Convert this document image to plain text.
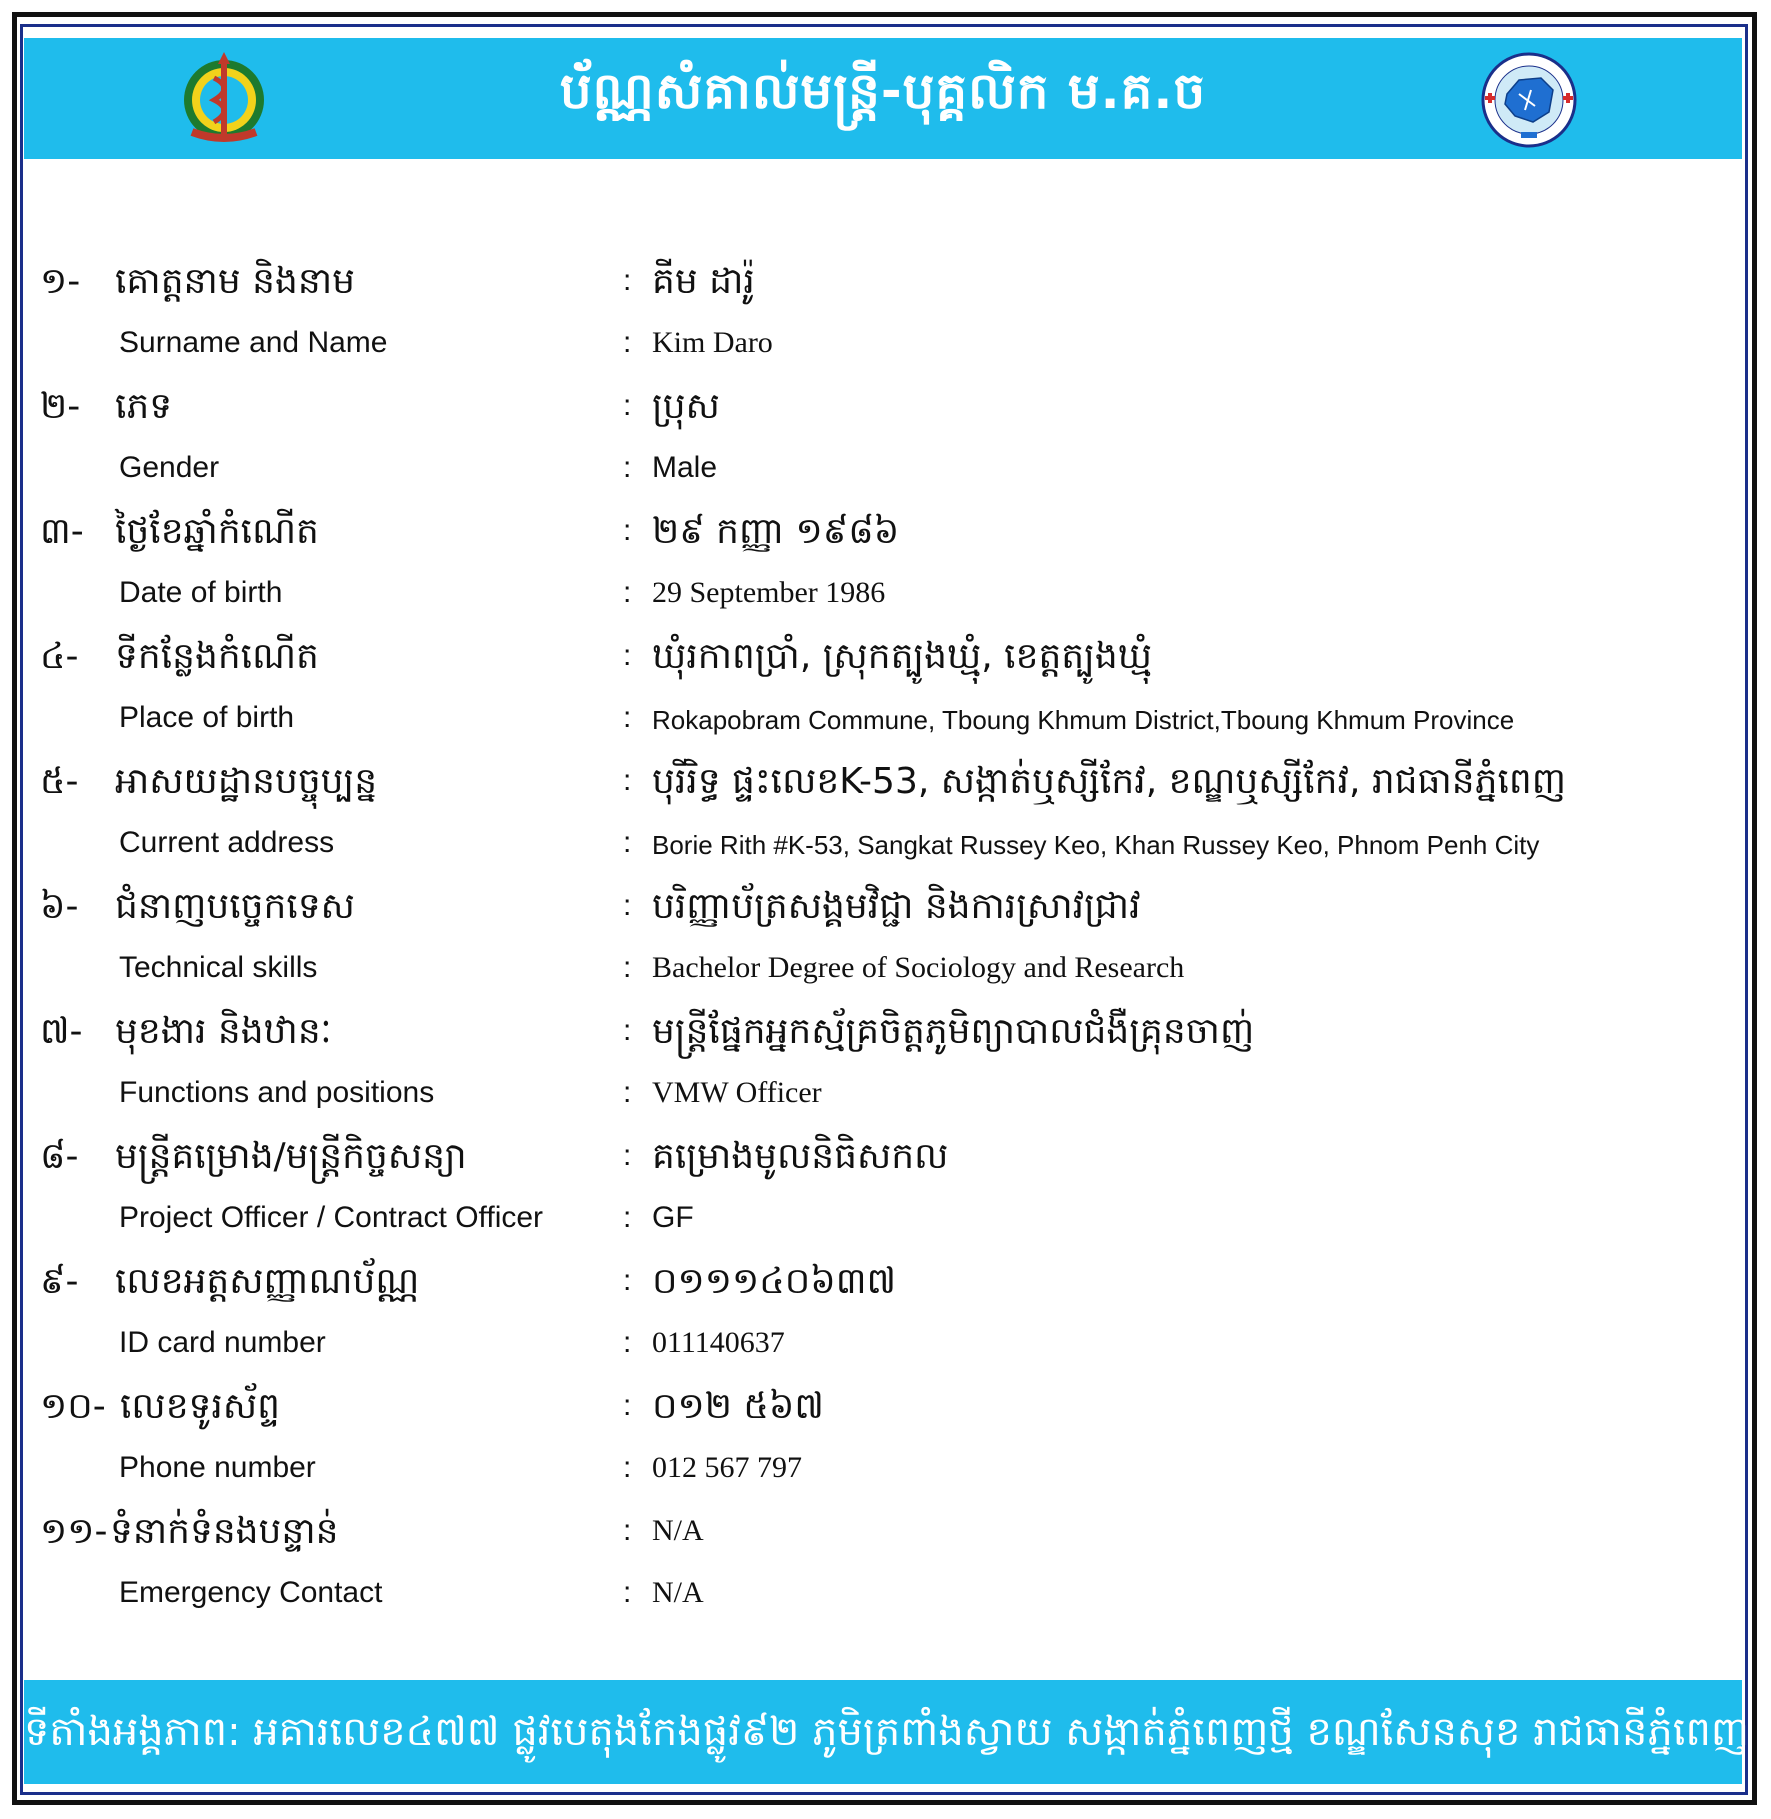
ប័ណ្ណសំគាល់មន្ត្រី-បុគ្គលិក ម.គ.ច
១- គោត្តនាម និងនាម	: គីម ដារ៉ូ
Surname and Name	: Kim Daro
២- ភេទ	: ប្រុស
Gender	: Male
៣- ថ្ងៃខែឆ្នាំកំណើត	: ២៩ កញ្ញា ១៩៨៦
Date of birth	: 29 September 1986
៤- ទីកន្លែងកំណើត	: ឃុំរកាពប្រាំ, ស្រុកត្បូងឃ្មុំ, ខេត្តត្បូងឃ្មុំ
Place of birth	: Rokapobram Commune, Tboung Khmum District,Tboung Khmum Province
៥- អាសយដ្ឋានបច្ចុប្បន្ន	: បុរីរិទ្ធ ផ្ទះលេខK-53, សង្កាត់ឬស្សីកែវ, ខណ្ឌឬស្សីកែវ, រាជធានីភ្នំពេញ
Current address	: Borie Rith #K-53, Sangkat Russey Keo, Khan Russey Keo, Phnom Penh City
៦- ជំនាញបច្ចេកទេស	: បរិញ្ញាប័ត្រសង្គមវិជ្ជា និងការស្រាវជ្រាវ
Technical skills	: Bachelor Degree of Sociology and Research
៧- មុខងារ និងឋានៈ	: មន្ត្រីផ្នែកអ្នកស្ម័គ្រចិត្តភូមិព្យាបាលជំងឺគ្រុនចាញ់
Functions and positions	: VMW Officer
៨- មន្ត្រីគម្រោង/មន្ត្រីកិច្ចសន្យា	: គម្រោងមូលនិធិសកល
Project Officer / Contract Officer	: GF
៩- លេខអត្តសញ្ញាណប័ណ្ណ	: ០១១១៤០៦៣៧
ID card number	: 011140637
១០- លេខទូរស័ព្ទ	: ០១២ ៥៦៧
Phone number	: 012 567 797
១១- ទំនាក់ទំនងបន្ទាន់	: N/A
Emergency Contact	: N/A
ទីតាំងអង្គភាព: អគារលេខ៤៧៧ ផ្លូវបេតុងកែងផ្លូវ៩២ ភូមិត្រពាំងស្វាយ សង្កាត់ភ្នំពេញថ្មី ខណ្ឌសែនសុខ រាជធានីភ្នំពេញ
